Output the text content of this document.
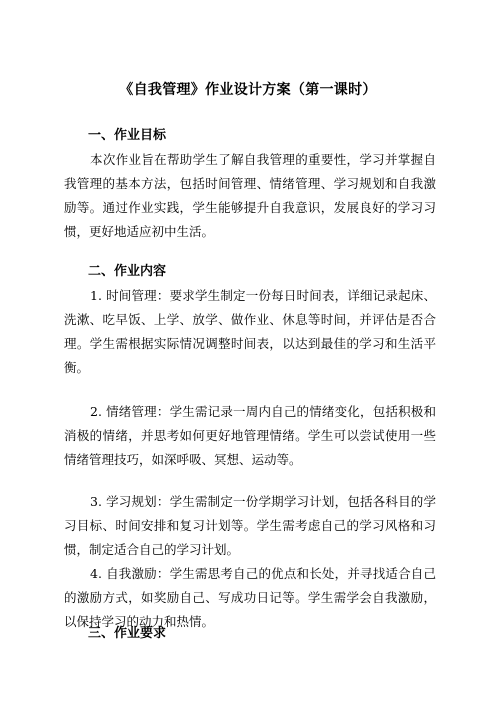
《自我管理》作业设计方案（第一课时）
一、作业目标
本次作业旨在帮助学生了解自我管理的重要性，学习并掌握自我管理的基本方法，包括时间管理、情绪管理、学习规划和自我激励等。通过作业实践，学生能够提升自我意识，发展良好的学习习惯，更好地适应初中生活。
二、作业内容
1. 时间管理：要求学生制定一份每日时间表，详细记录起床、洗漱、吃早饭、上学、放学、做作业、休息等时间，并评估是否合理。学生需根据实际情况调整时间表，以达到最佳的学习和生活平衡。
2. 情绪管理：学生需记录一周内自己的情绪变化，包括积极和消极的情绪，并思考如何更好地管理情绪。学生可以尝试使用一些情绪管理技巧，如深呼吸、冥想、运动等。
3. 学习规划：学生需制定一份学期学习计划，包括各科目的学习目标、时间安排和复习计划等。学生需考虑自己的学习风格和习惯，制定适合自己的学习计划。
4. 自我激励：学生需思考自己的优点和长处，并寻找适合自己的激励方式，如奖励自己、写成功日记等。学生需学会自我激励，以保持学习的动力和热情。
三、作业要求
